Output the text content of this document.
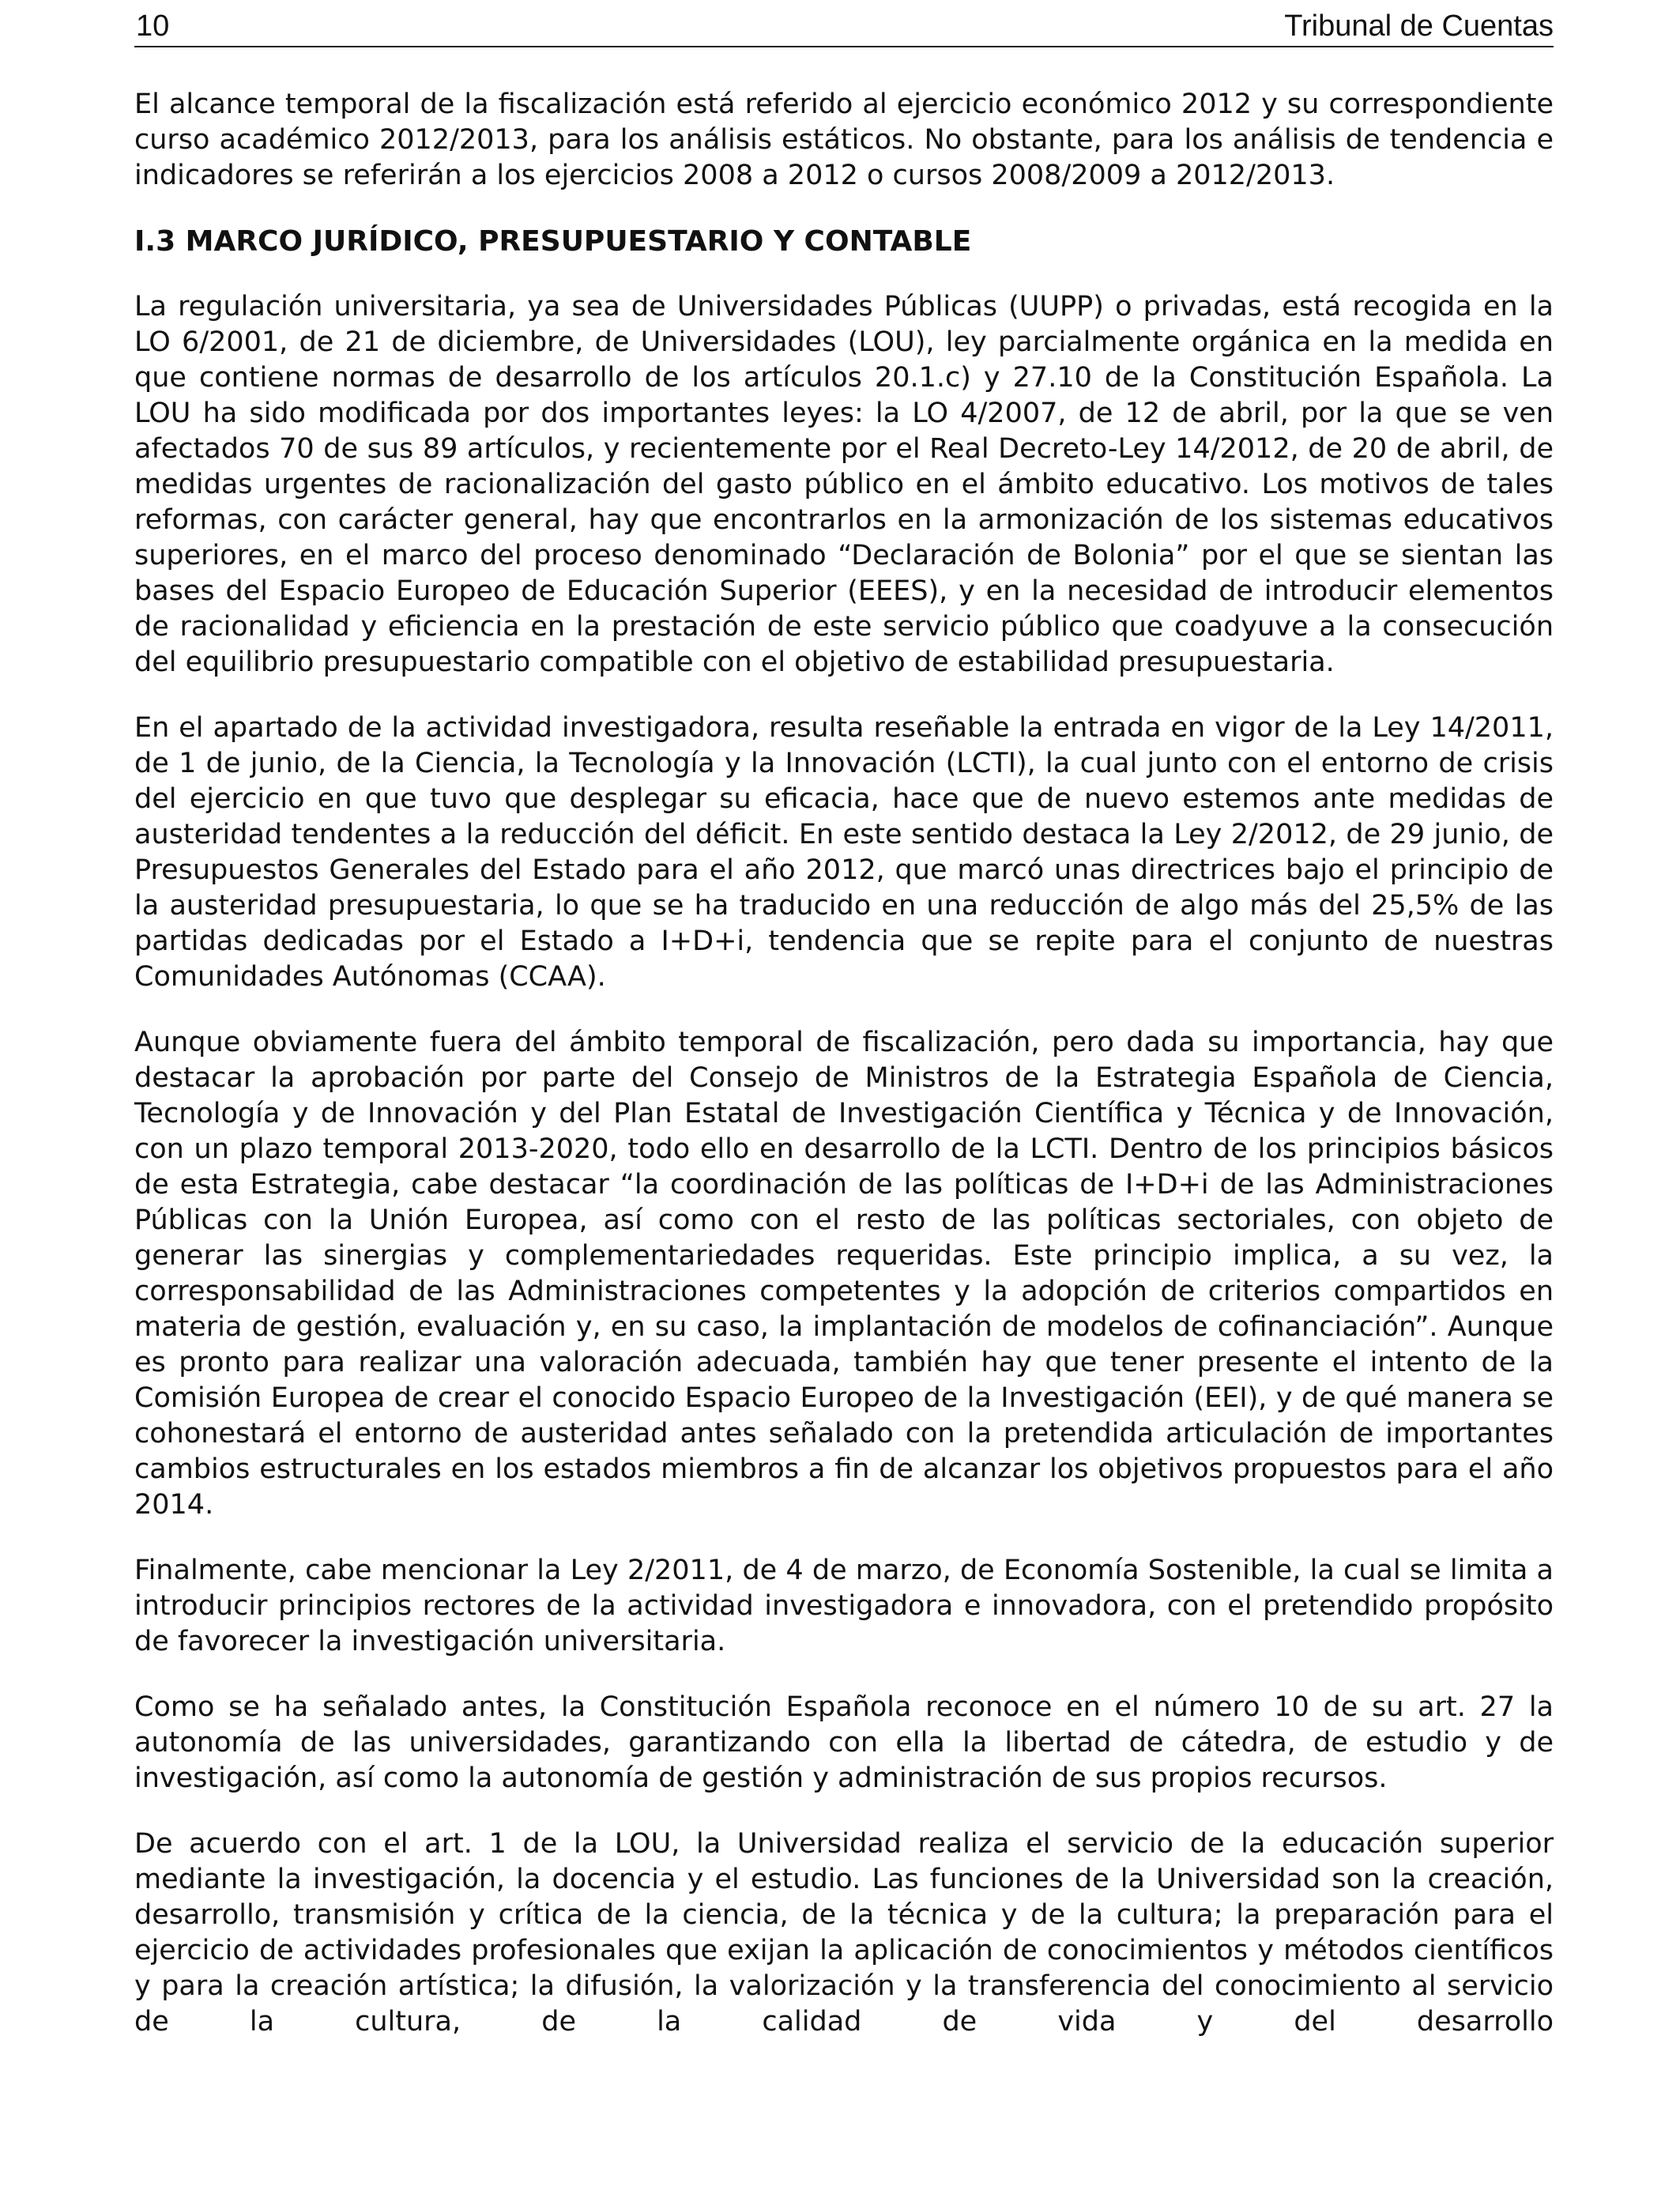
10	Tribunal de Cuentas

El alcance temporal de la fiscalización está referido al ejercicio económico 2012 y su correspondiente curso académico 2012/2013, para los análisis estáticos. No obstante, para los análisis de tendencia e indicadores se referirán a los ejercicios 2008 a 2012 o cursos 2008/2009 a 2012/2013.

I.3 MARCO JURÍDICO, PRESUPUESTARIO Y CONTABLE

La regulación universitaria, ya sea de Universidades Públicas (UUPP) o privadas, está recogida en la LO 6/2001, de 21 de diciembre, de Universidades (LOU), ley parcialmente orgánica en la medida en que contiene normas de desarrollo de los artículos 20.1.c) y 27.10 de la Constitución Española. La LOU ha sido modificada por dos importantes leyes: la LO 4/2007, de 12 de abril, por la que se ven afectados 70 de sus 89 artículos, y recientemente por el Real Decreto-Ley 14/2012, de 20 de abril, de medidas urgentes de racionalización del gasto público en el ámbito educativo. Los motivos de tales reformas, con carácter general, hay que encontrarlos en la armonización de los sistemas educativos superiores, en el marco del proceso denominado “Declaración de Bolonia” por el que se sientan las bases del Espacio Europeo de Educación Superior (EEES), y en la necesidad de introducir elementos de racionalidad y eficiencia en la prestación de este servicio público que coadyuve a la consecución del equilibrio presupuestario compatible con el objetivo de estabilidad presupuestaria.

En el apartado de la actividad investigadora, resulta reseñable la entrada en vigor de la Ley 14/2011, de 1 de junio, de la Ciencia, la Tecnología y la Innovación (LCTI), la cual junto con el entorno de crisis del ejercicio en que tuvo que desplegar su eficacia, hace que de nuevo estemos ante medidas de austeridad tendentes a la reducción del déficit. En este sentido destaca la Ley 2/2012, de 29 junio, de Presupuestos Generales del Estado para el año 2012, que marcó unas directrices bajo el principio de la austeridad presupuestaria, lo que se ha traducido en una reducción de algo más del 25,5% de las partidas dedicadas por el Estado a I+D+i, tendencia que se repite para el conjunto de nuestras Comunidades Autónomas (CCAA).

Aunque obviamente fuera del ámbito temporal de fiscalización, pero dada su importancia, hay que destacar la aprobación por parte del Consejo de Ministros de la Estrategia Española de Ciencia, Tecnología y de Innovación y del Plan Estatal de Investigación Científica y Técnica y de Innovación, con un plazo temporal 2013-2020, todo ello en desarrollo de la LCTI. Dentro de los principios básicos de esta Estrategia, cabe destacar “la coordinación de las políticas de I+D+i de las Administraciones Públicas con la Unión Europea, así como con el resto de las políticas sectoriales, con objeto de generar las sinergias y complementariedades requeridas. Este principio implica, a su vez, la corresponsabilidad de las Administraciones competentes y la adopción de criterios compartidos en materia de gestión, evaluación y, en su caso, la implantación de modelos de cofinanciación”. Aunque es pronto para realizar una valoración adecuada, también hay que tener presente el intento de la Comisión Europea de crear el conocido Espacio Europeo de la Investigación (EEI), y de qué manera se cohonestará el entorno de austeridad antes señalado con la pretendida articulación de importantes cambios estructurales en los estados miembros a fin de alcanzar los objetivos propuestos para el año 2014.

Finalmente, cabe mencionar la Ley 2/2011, de 4 de marzo, de Economía Sostenible, la cual se limita a introducir principios rectores de la actividad investigadora e innovadora, con el pretendido propósito de favorecer la investigación universitaria.

Como se ha señalado antes, la Constitución Española reconoce en el número 10 de su art. 27 la autonomía de las universidades, garantizando con ella la libertad de cátedra, de estudio y de investigación, así como la autonomía de gestión y administración de sus propios recursos.

De acuerdo con el art. 1 de la LOU, la Universidad realiza el servicio de la educación superior mediante la investigación, la docencia y el estudio. Las funciones de la Universidad son la creación, desarrollo, transmisión y crítica de la ciencia, de la técnica y de la cultura; la preparación para el ejercicio de actividades profesionales que exijan la aplicación de conocimientos y métodos científicos y para la creación artística; la difusión, la valorización y la transferencia del conocimiento al servicio de la cultura, de la calidad de vida y del desarrollo
